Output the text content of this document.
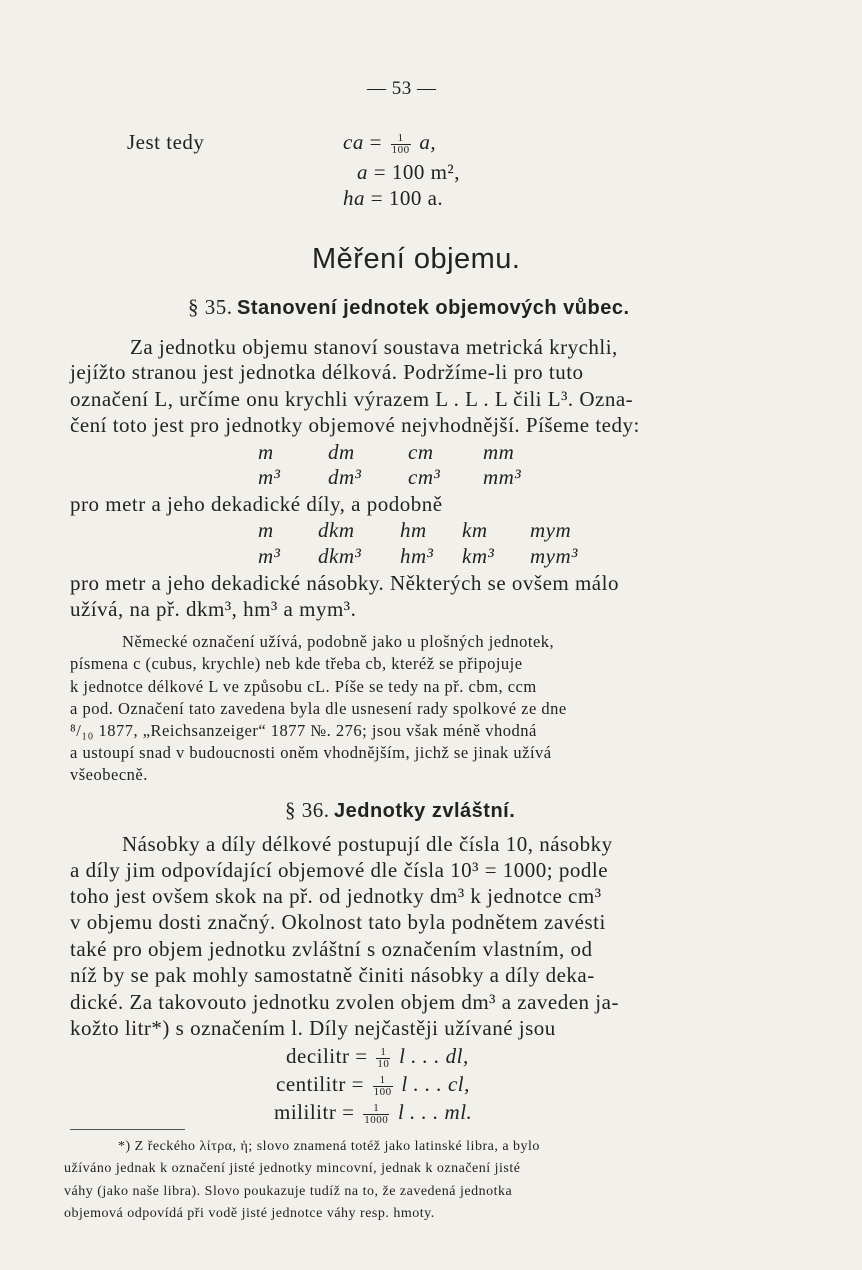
— 53 —
Jest tedy	ca = $\frac{1}{100} a$,
a = 100 m²,
ha = 100 a.
Měření objemu.
§ 35. Stanovení jednotek objemových vůbec.
Za jednotku objemu stanoví soustava metrická krychli,
jejížto stranou jest jednotka délková. Podržíme-li pro tuto
označení L, určíme onu krychli výrazem L . L . L čili L³. Ozna-
čení toto jest pro jednotky objemové nejvhodnější. Píšeme tedy:
m	dm	cm mm
m³ dm³ cm³ mm³
pro metr a jeho dekadické díly, a podobně
m dkm hm km mym
m³ dkm³ hm³ km³ mym³
pro metr a jeho dekadické násobky. Některých se ovšem málo
užívá, na př. dkm³, hm³ a mym³.
Německé označení užívá, podobně jako u plošných jednotek,
písmena c (cubus, krychle) neb kde třeba cb, kteréž se připojuje
k jednotce délkové L ve způsobu cL. Píše se tedy na př. cbm, ccm
a pod. Označení tato zavedena byla dle usnesení rady spolkové ze dne
⁸/₁₀ 1877, „Reichsanzeiger“ 1877 №. 276; jsou však méně vhodná
a ustoupí snad v budoucnosti oněm vhodnějším, jichž se jinak užívá
všeobecně.
§ 36. Jednotky zvláštní.
Násobky a díly délkové postupují dle čísla 10, násobky
a díly jim odpovídající objemové dle čísla 10³ = 1000; podle
toho jest ovšem skok na př. od jednotky dm³ k jednotce cm³
v objemu dosti značný. Okolnost tato byla podnětem zavésti
také pro objem jednotku zvláštní s označením vlastním, od
níž by se pak mohly samostatně činiti násobky a díly deka-
dické. Za takovouto jednotku zvolen objem dm³ a zaveden ja-
kožto litr*) s označením l. Díly nejčastěji užívané jsou
decilitr = $\frac{1}{10}$ l . . . dl,
centilitr = $\frac{1}{100}$ l . . . cl,
mililitr = $\frac{1}{1000}$ l . . . ml.
*) Z řeckého λίτρα, ἡ; slovo znamená totéž jako latinské libra, a bylo
užíváno jednak k označení jisté jednotky mincovní, jednak k označení jisté
váhy (jako naše libra). Slovo poukazuje tudíž na to, že zavedená jednotka
objemová odpovídá při vodě jisté jednotce váhy resp. hmoty.
